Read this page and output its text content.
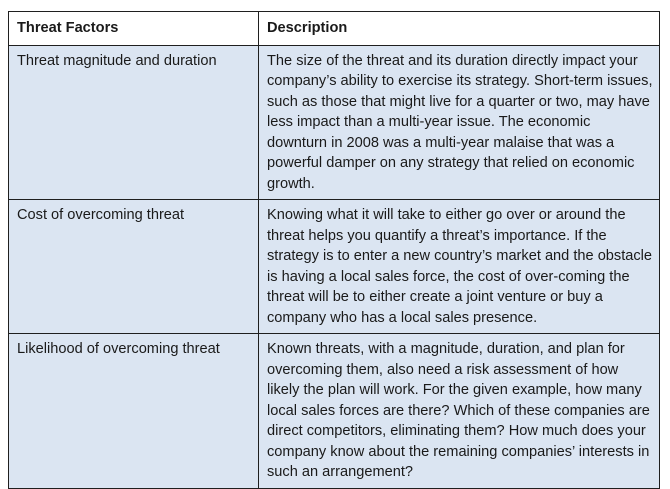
Threat Factors	Description
Threat magnitude and duration	The size of the threat and its duration directly impact your company’s ability to exercise its strategy. Short-term issues, such as those that might live for a quarter or two, may have less impact than a multi-year issue. The economic downturn in 2008 was a multi-year malaise that was a powerful damper on any strategy that relied on economic growth.
Cost of overcoming threat	Knowing what it will take to either go over or around the threat helps you quantify a threat’s importance. If the strategy is to enter a new country’s market and the obstacle is having a local sales force, the cost of over-coming the threat will be to either create a joint venture or buy a company who has a local sales presence.
Likelihood of overcoming threat	Known threats, with a magnitude, duration, and plan for overcoming them, also need a risk assessment of how likely the plan will work. For the given example, how many local sales forces are there? Which of these companies are direct competitors, eliminating them? How much does your company know about the remaining companies’ interests in such an arrangement?
